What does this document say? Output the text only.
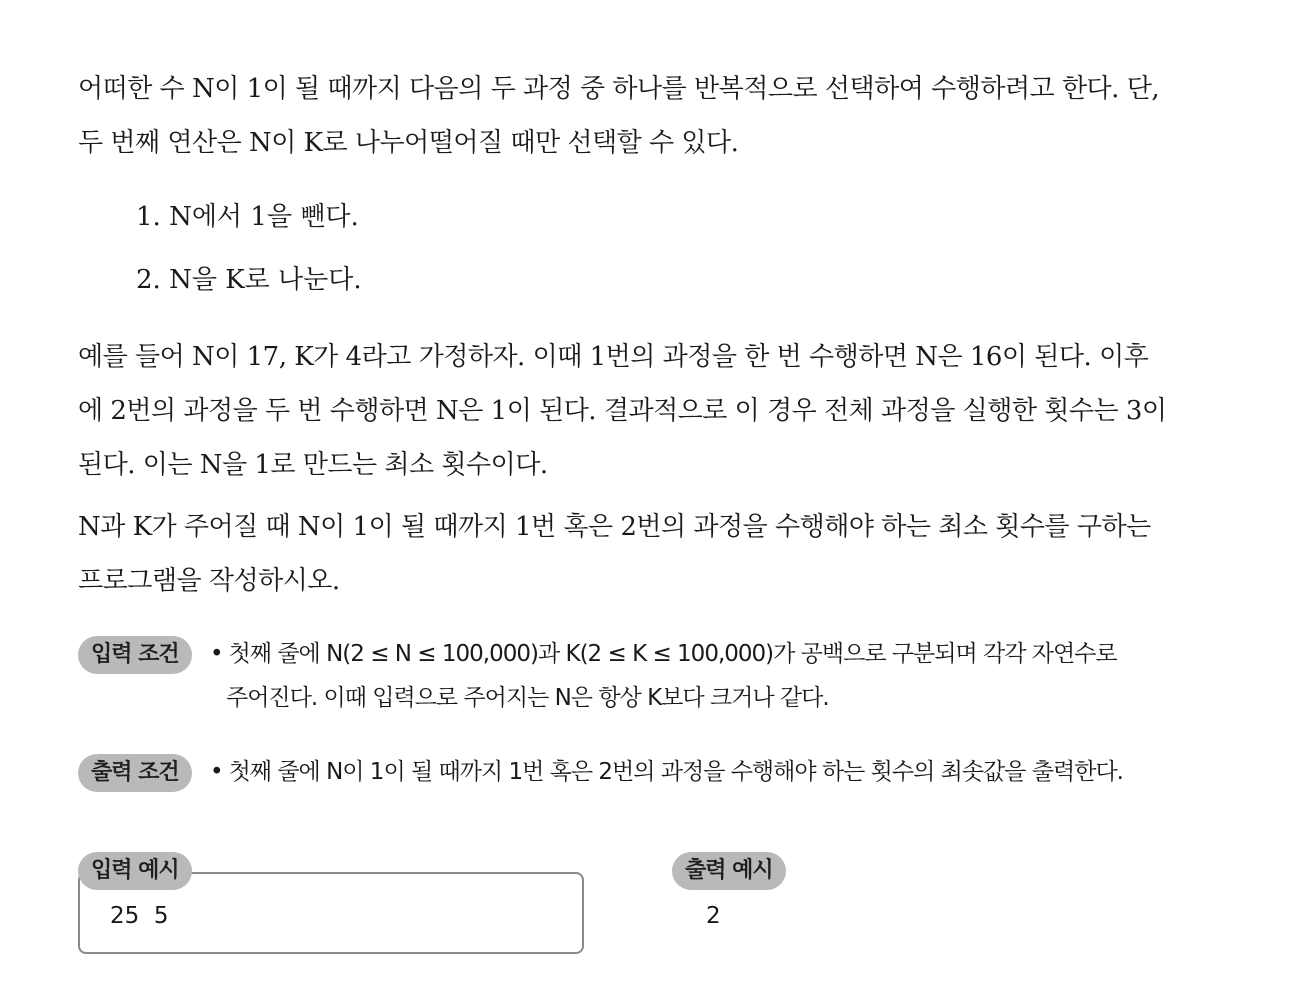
어떠한 수 N이 1이 될 때까지 다음의 두 과정 중 하나를 반복적으로 선택하여 수행하려고 한다. 단,
두 번째 연산은 N이 K로 나누어떨어질 때만 선택할 수 있다.
1. N에서 1을 뺀다.
2. N을 K로 나눈다.
예를 들어 N이 17, K가 4라고 가정하자. 이때 1번의 과정을 한 번 수행하면 N은 16이 된다. 이후
에 2번의 과정을 두 번 수행하면 N은 1이 된다. 결과적으로 이 경우 전체 과정을 실행한 횟수는 3이
된다. 이는 N을 1로 만드는 최소 횟수이다.
N과 K가 주어질 때 N이 1이 될 때까지 1번 혹은 2번의 과정을 수행해야 하는 최소 횟수를 구하는
프로그램을 작성하시오.
입력 조건	• 첫째 줄에 N(2 ≤ N ≤ 100,000)과 K(2 ≤ K ≤ 100,000)가 공백으로 구분되며 각각 자연수로
주어진다. 이때 입력으로 주어지는 N은 항상 K보다 크거나 같다.
출력 조건	• 첫째 줄에 N이 1이 될 때까지 1번 혹은 2번의 과정을 수행해야 하는 횟수의 최솟값을 출력한다.
입력 예시
25  5
출력 예시
2
